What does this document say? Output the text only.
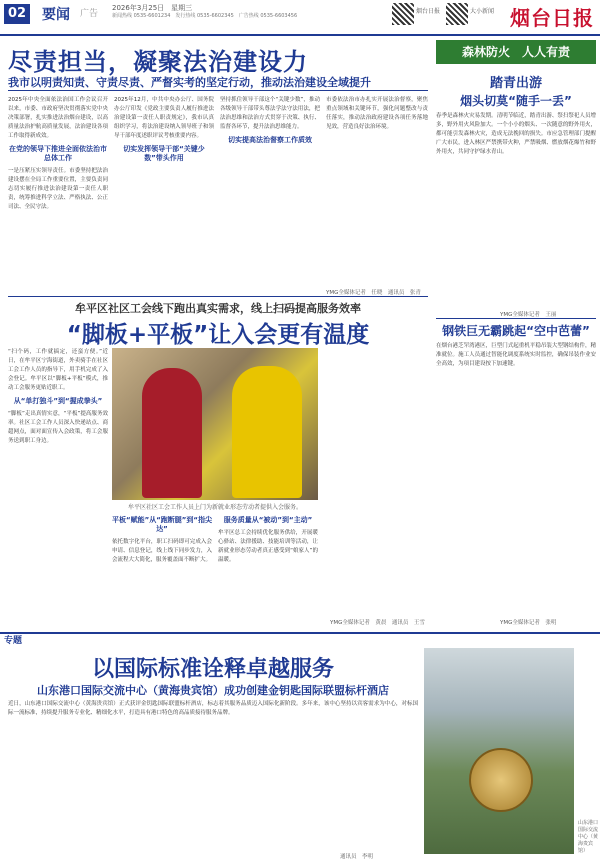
02 要闻 广告
2026年3月25日　星期三
新闻热线 0535-6601234　发行热线 0535-6602345　广告热线 0535-6603456
烟台日报	大小新闻 烟台日报
尽责担当，凝聚法治建设力
我市以明责知责、守责尽责、严督实考的坚定行动，推动法治建设全域提升
2025年中央全面依法治国工作会议召开以来，市委、市政府坚决贯彻落实党中央决策部署，扎实推进法治烟台建设，以高质量法治护航高质量发展，法治建设各项工作取得新成效。
在党的领导下推进全面依法治市总体工作
一是压紧压实领导责任。市委坚持把法治建设摆在全局工作重要位置，主要负责同志切实履行推进法治建设第一责任人职责，统筹推进科学立法、严格执法、公正司法、全民守法。
2025年12月，中共中央办公厅、国务院办公厅印发《党政主要负责人履行推进法治建设第一责任人职责规定》，我市认真组织学习，将法治建设纳入领导班子和领导干部年度述职评议考核重要内容。
切实发挥领导干部“关键少数”带头作用
坚持抓住领导干部这个“关键少数”，推动各级领导干部带头尊法学法守法用法，把法治思维和法治方式贯穿于决策、执行、监督各环节，提升法治思维能力。
切实提高法治督察工作质效
市委依法治市办扎实开展法治督察，聚焦重点领域和关键环节，强化问题整改与责任落实，推动法治政府建设各项任务落地见效，营造良好法治环境。
YMG全媒体记者　任晓　通讯员　张青
森林防火　人人有责
踏青出游
烟头切莫“随手一丢”
春季是森林火灾易发期。清明节临近，踏青出游、祭扫祭祀人员增多，野外用火风险加大。一个小小的烟头、一次随意的野外用火，都可能引发森林火灾，造成无法挽回的损失。市应急管理部门提醒广大市民，进入林区严禁携带火种，严禁吸烟、燃放烟花爆竹和野外用火，共同守护绿水青山。
YMG全媒体记者　王丽
牟平区社区工会线下跑出真实需求，线上扫码提高服务效率
“脚板+平板”让入会更有温度
牟平区社区工会工作人员上门为新就业形态劳动者提供入会服务。
“扫个码，工作就搞定，还蛮方便。”近日，在牟平区宁海街道，外卖骑手在社区工会工作人员的指导下，用手机完成了入会登记。牟平区以“脚板+平板”模式，推动工会服务更贴近职工。
从“单打独斗”到“握成拳头”
“脚板”走出真情实意，“平板”提高服务效率。社区工会工作人员深入快递站点、商超网点，面对面宣传入会政策，将工会服务送到职工身边。
平板“赋能”从“跑断腿”到“指尖达”
依托数字化平台，职工扫码即可完成入会申请、信息登记，线上线下同步发力，入会流程大大简化，服务覆盖面不断扩大。
服务质量从“被动”到“主动”
牟平区总工会持续优化服务供给，开展暖心驿站、法律援助、技能培训等活动，让新就业形态劳动者真正感受到“娘家人”的温暖。
YMG全媒体记者　黄晨　通讯员　王雪
钢铁巨无霸跳起“空中芭蕾”
在烟台港芝罘湾港区，巨型门式起重机平稳吊装大型钢结构件，精准就位。施工人员通过智能化调度系统实时监控，确保吊装作业安全高效，为项目建设按下加速键。
YMG全媒体记者　张明
专题
以国际标准诠释卓越服务
山东港口国际交流中心（黄海贵宾馆）成功创建金钥匙国际联盟标杆酒店
近日，山东港口国际交流中心（黄海贵宾馆）正式获评金钥匙国际联盟标杆酒店，标志着其服务品质迈入国际化新阶段。多年来，该中心坚持以宾客需求为中心，对标国际一流标准，持续提升服务专业化、精细化水平，打造具有港口特色的高品质接待服务品牌。
通讯员　李明
山东港口国际交流中心（黄海贵宾馆）
